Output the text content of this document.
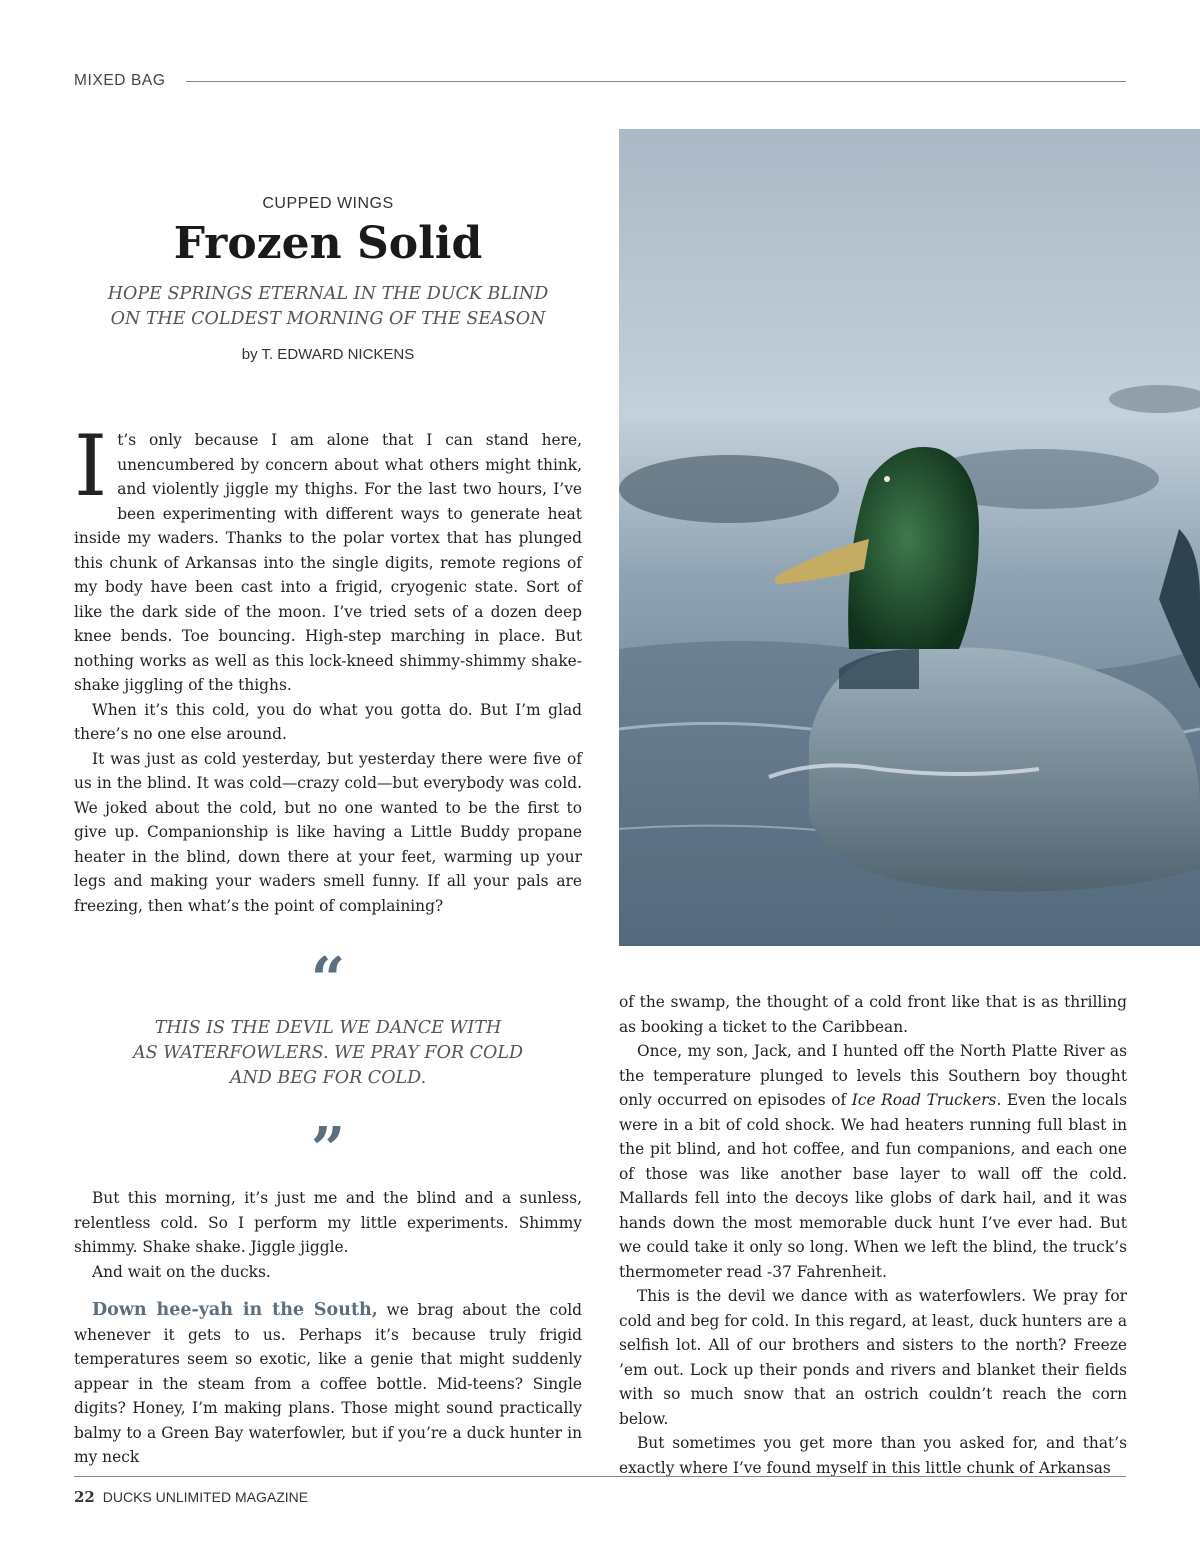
MIXED BAG
CUPPED WINGS
Frozen Solid

HOPE SPRINGS ETERNAL IN THE DUCK BLIND
ON THE COLDEST MORNING OF THE SEASON

by T. EDWARD NICKENS

It’s only because I am alone that I can stand here, unencumbered by concern about what others might think, and violently jiggle my thighs. For the last two hours, I’ve been experimenting with different ways to generate heat inside my waders. Thanks to the polar vortex that has plunged this chunk of Arkansas into the single digits, remote regions of my body have been cast into a frigid, cryogenic state. Sort of like the dark side of the moon. I’ve tried sets of a dozen deep knee bends. Toe bouncing. High-step marching in place. But nothing works as well as this lock-kneed shimmy-shimmy shake-shake jiggling of the thighs.

When it’s this cold, you do what you gotta do. But I’m glad there’s no one else around.

It was just as cold yesterday, but yesterday there were five of us in the blind. It was cold—crazy cold—but everybody was cold. We joked about the cold, but no one wanted to be the first to give up. Companionship is like having a Little Buddy propane heater in the blind, down there at your feet, warming up your legs and making your waders smell funny. If all your pals are freezing, then what’s the point of complaining?

“

THIS IS THE DEVIL WE DANCE WITH
AS WATERFOWLERS. WE PRAY FOR COLD
AND BEG FOR COLD.

”

But this morning, it’s just me and the blind and a sunless, relentless cold. So I perform my little experiments. Shimmy shimmy. Shake shake. Jiggle jiggle.

And wait on the ducks.

Down hee-yah in the South, we brag about the cold whenever it gets to us. Perhaps it’s because truly frigid temperatures seem so exotic, like a genie that might suddenly appear in the steam from a coffee bottle. Mid-teens? Single digits? Honey, I’m making plans. Those might sound practically balmy to a Green Bay waterfowler, but if you’re a duck hunter in my neck

of the swamp, the thought of a cold front like that is as thrilling as booking a ticket to the Caribbean.

Once, my son, Jack, and I hunted off the North Platte River as the temperature plunged to levels this Southern boy thought only occurred on episodes of Ice Road Truckers. Even the locals were in a bit of cold shock. We had heaters running full blast in the pit blind, and hot coffee, and fun companions, and each one of those was like another base layer to wall off the cold. Mallards fell into the decoys like globs of dark hail, and it was hands down the most memorable duck hunt I’ve ever had. But we could take it only so long. When we left the blind, the truck’s thermometer read -37 Fahrenheit.

This is the devil we dance with as waterfowlers. We pray for cold and beg for cold. In this regard, at least, duck hunters are a selfish lot. All of our brothers and sisters to the north? Freeze ’em out. Lock up their ponds and rivers and blanket their fields with so much snow that an ostrich couldn’t reach the corn below.

But sometimes you get more than you asked for, and that’s exactly where I’ve found myself in this little chunk of Arkansas

22 DUCKS UNLIMITED MAGAZINE
